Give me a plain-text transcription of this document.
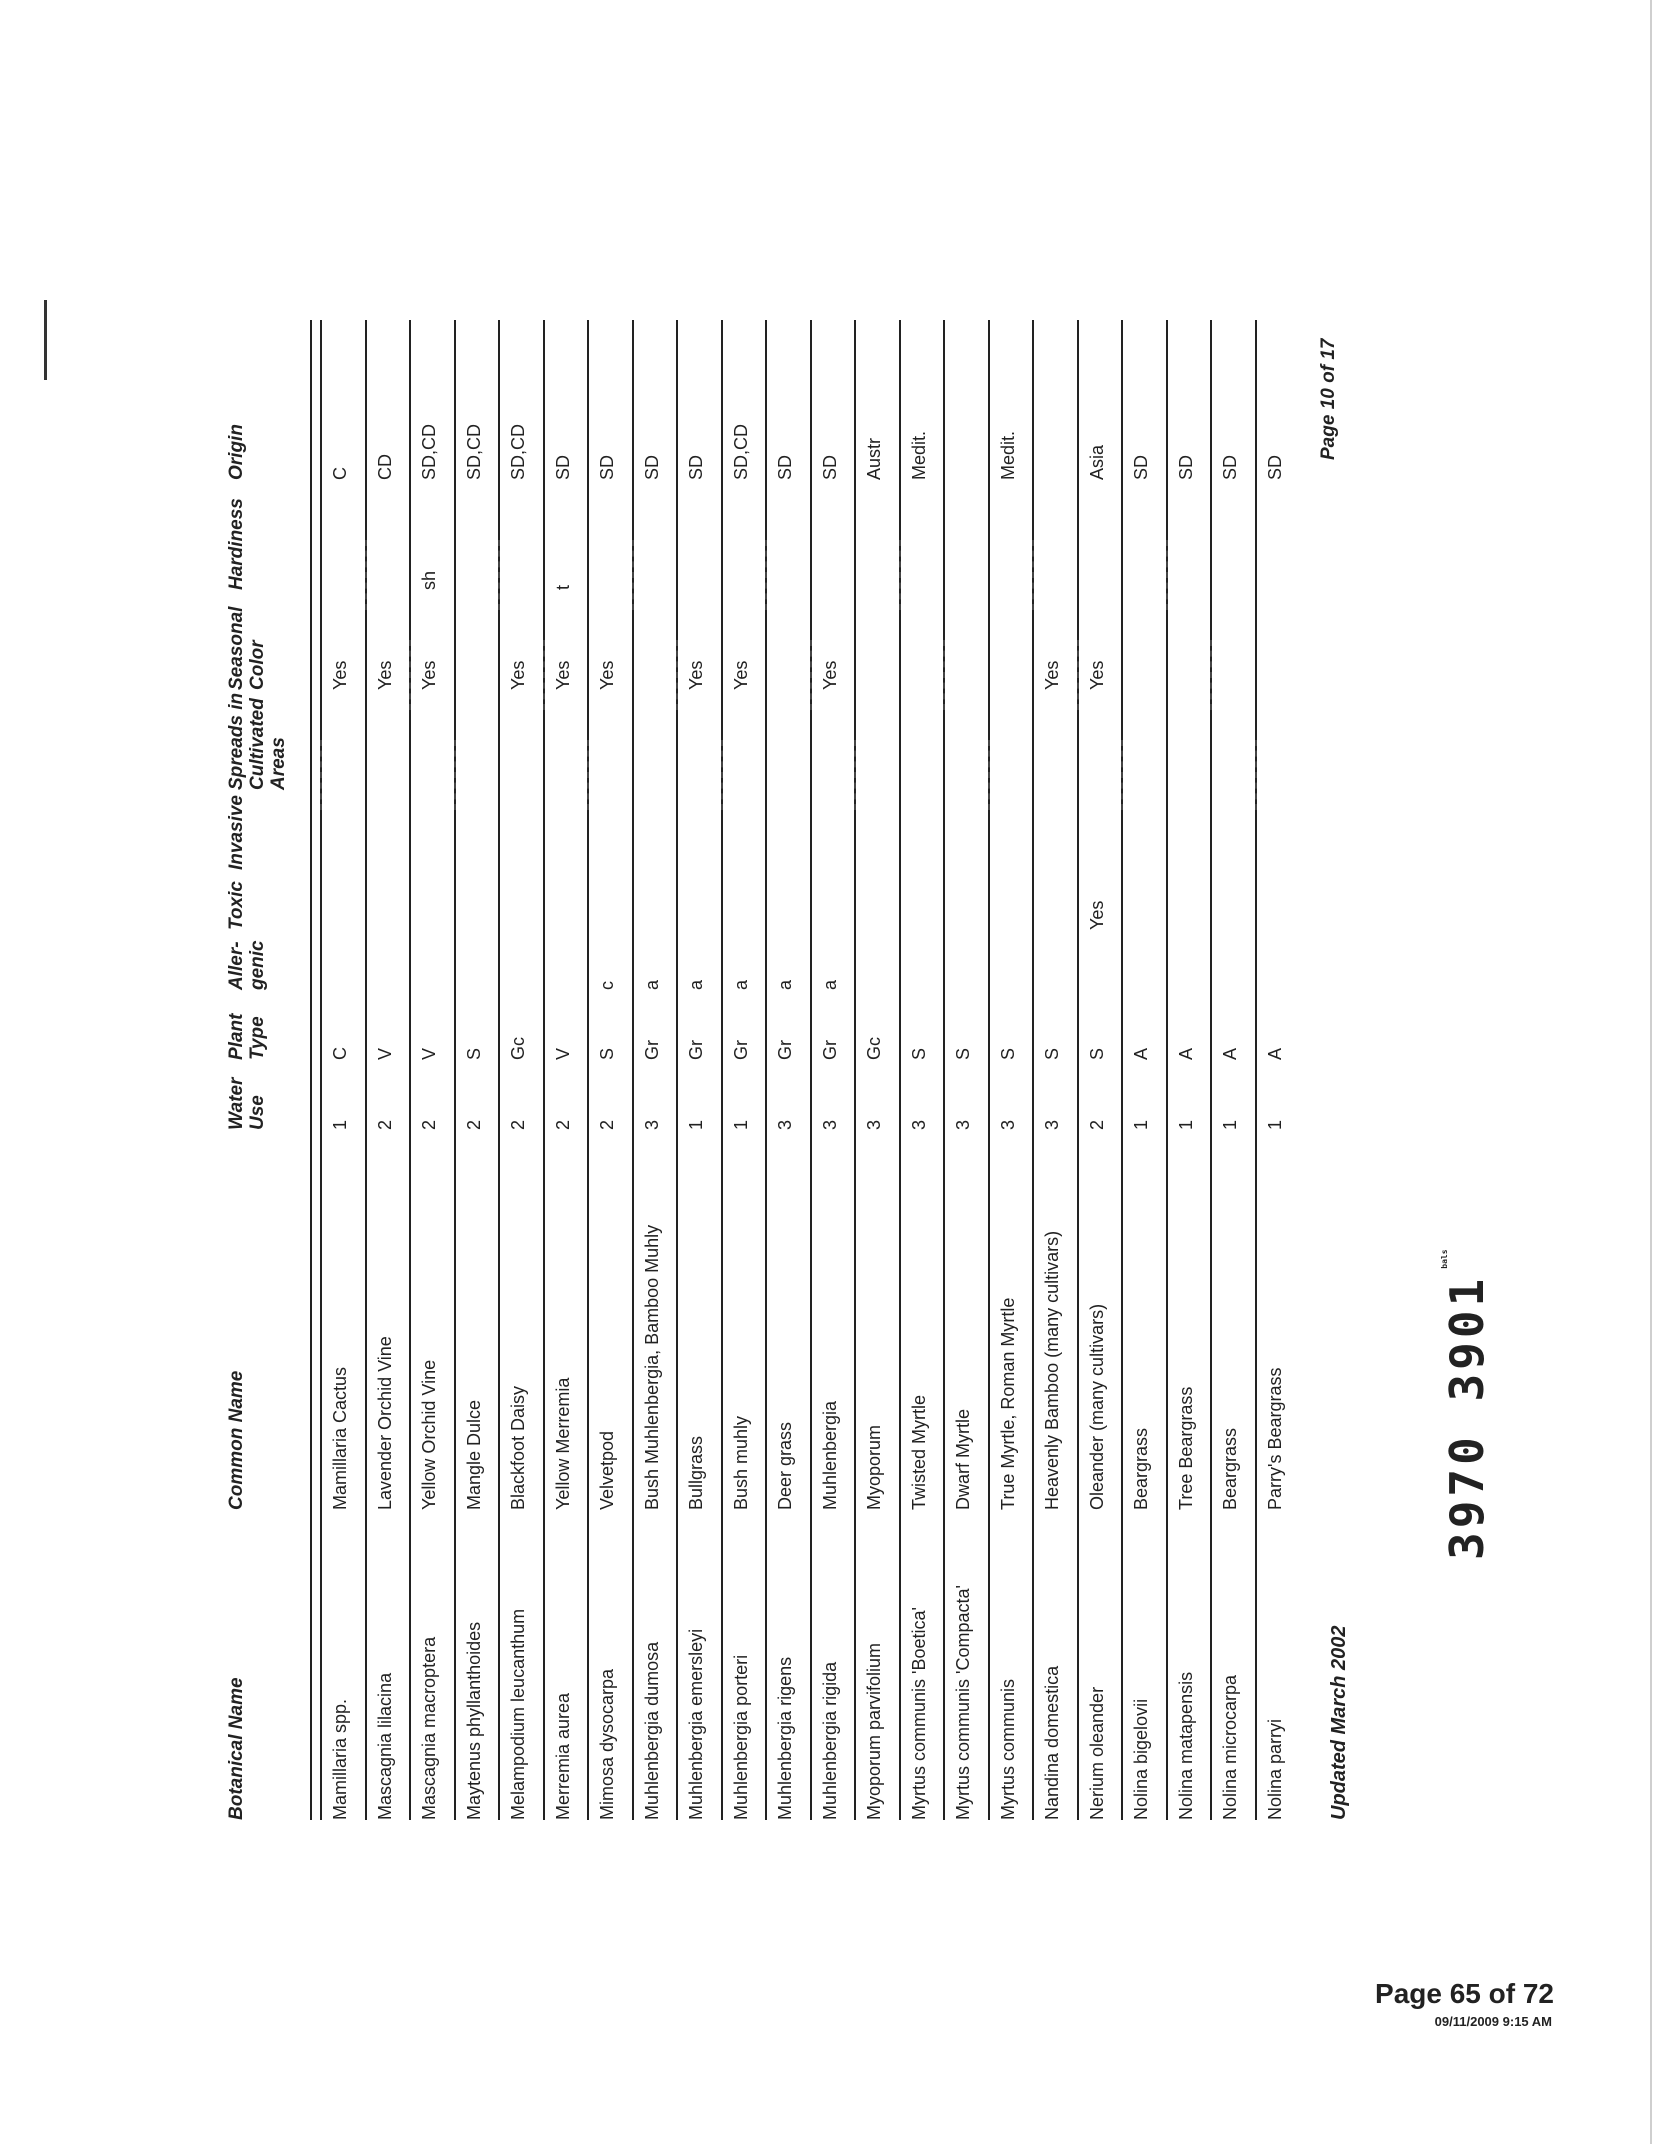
Botanical Name
Common Name
Water Use
Plant Type
Aller-genic
Toxic
Invasive
Spreads in Cultivated Areas
Seasonal Color
Hardiness
Origin
Mamillaria spp.
Mamillaria Cactus
1
C
Yes
C
Mascagnia lilacina
Lavender Orchid Vine
2
V
Yes
CD
Mascagnia macroptera
Yellow Orchid Vine
2
V
Yes
sh
SD,CD
Maytenus phyllanthoides
Mangle Dulce
2
S
SD,CD
Melampodium leucanthum
Blackfoot Daisy
2
Gc
Yes
SD,CD
Merremia aurea
Yellow Merremia
2
V
Yes
t
SD
Mimosa dysocarpa
Velvetpod
2
S
c
Yes
SD
Muhlenbergia dumosa
Bush Muhlenbergia, Bamboo Muhly
3
Gr
a
SD
Muhlenbergia emersleyi
Bullgrass
1
Gr
a
Yes
SD
Muhlenbergia porteri
Bush muhly
1
Gr
a
Yes
SD,CD
Muhlenbergia rigens
Deer grass
3
Gr
a
SD
Muhlenbergia rigida
Muhlenbergia
3
Gr
a
Yes
SD
Myoporum parvifolium
Myoporum
3
Gc
Austr
Myrtus communis 'Boetica'
Twisted Myrtle
3
S
Medit.
Myrtus communis 'Compacta'
Dwarf Myrtle
3
S
Myrtus communis
True Myrtle, Roman Myrtle
3
S
Medit.
Nandina domestica
Heavenly Bamboo (many cultivars)
3
S
Yes
Nerium oleander
Oleander (many cultivars)
2
S
Yes
Yes
Asia
Nolina bigelovii
Beargrass
1
A
SD
Nolina matapensis
Tree Beargrass
1
A
SD
Nolina microcarpa
Beargrass
1
A
SD
Nolina parryi
Parry's Beargrass
1
A
SD
Updated March 2002
Page 10 of 17
3970 $3901^{bals}$
Page 65 of 72
09/11/2009 9:15 AM
